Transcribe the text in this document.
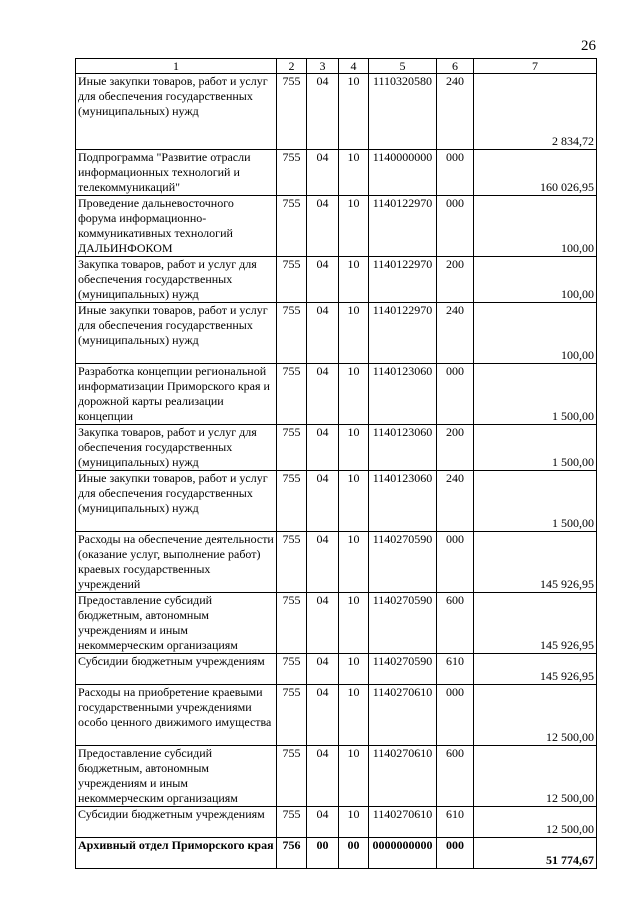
26
1	2	3	4	5	6	7
Иные закупки товаров, работ и услуг для обеспечения государственных (муниципальных) нужд	755	04	10	1110320580	240	2 834,72
Подпрограмма "Развитие отрасли информационных технологий и телекоммуникаций"	755	04	10	1140000000	000	160 026,95
Проведение дальневосточного форума информационно-коммуникативных технологий ДАЛЬИНФОКОМ	755	04	10	1140122970	000	100,00
Закупка товаров, работ и услуг для обеспечения государственных (муниципальных) нужд	755	04	10	1140122970	200	100,00
Иные закупки товаров, работ и услуг для обеспечения государственных (муниципальных) нужд	755	04	10	1140122970	240	100,00
Разработка концепции региональной информатизации Приморского края и дорожной карты реализации концепции	755	04	10	1140123060	000	1 500,00
Закупка товаров, работ и услуг для обеспечения государственных (муниципальных) нужд	755	04	10	1140123060	200	1 500,00
Иные закупки товаров, работ и услуг для обеспечения государственных (муниципальных) нужд	755	04	10	1140123060	240	1 500,00
Расходы на обеспечение деятельности (оказание услуг, выполнение работ) краевых государственных учреждений	755	04	10	1140270590	000	145 926,95
Предоставление субсидий бюджетным, автономным учреждениям и иным некоммерческим организациям	755	04	10	1140270590	600	145 926,95
Субсидии бюджетным учреждениям	755	04	10	1140270590	610	145 926,95
Расходы на приобретение краевыми государственными учреждениями особо ценного движимого имущества	755	04	10	1140270610	000	12 500,00
Предоставление субсидий бюджетным, автономным учреждениям и иным некоммерческим организациям	755	04	10	1140270610	600	12 500,00
Субсидии бюджетным учреждениям	755	04	10	1140270610	610	12 500,00
Архивный отдел Приморского края	756	00	00	0000000000	000	51 774,67
